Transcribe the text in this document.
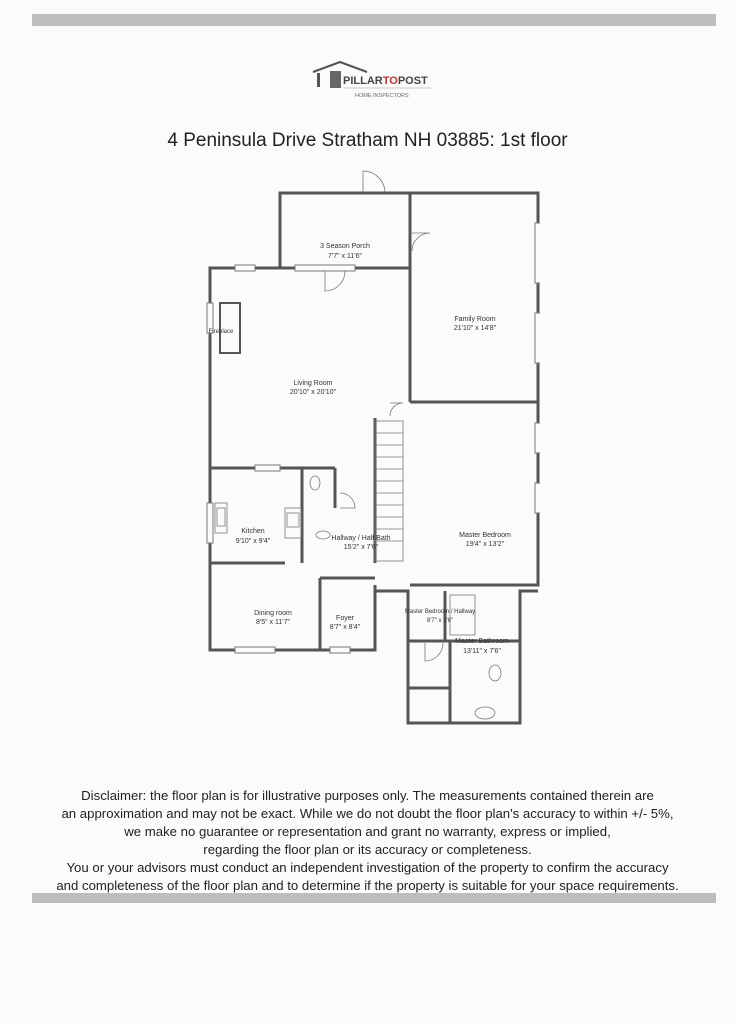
PILLARTOPOST
HOME INSPECTORS
4 Peninsula Drive Stratham NH 03885: 1st floor
Fireplace
3 Season Porch
7'7" x 11'6"
Family Room
21'10" x 14'8"
Living Room
20'10" x 20'10"
Kitchen
9'10" x 9'4"	Hallway / Half Bath
15'2" x 7'6"
Master Bedroom
19'4" x 13'2"
Dining room
8'5" x 11'7"
Foyer
8'7" x 8'4"
Master Bedroom / Hallway
8'7" x 3'6"
Master Bathroom
13'11" x 7'6"
Disclaimer: the floor plan is for illustrative purposes only. The measurements contained therein are
an approximation and may not be exact. While we do not doubt the floor plan's accuracy to within +/- 5%,
we make no guarantee or representation and grant no warranty, express or implied,
regarding the floor plan or its accuracy or completeness.
You or your advisors must conduct an independent investigation of the property to confirm the accuracy
and completeness of the floor plan and to determine if the property is suitable for your space requirements.
